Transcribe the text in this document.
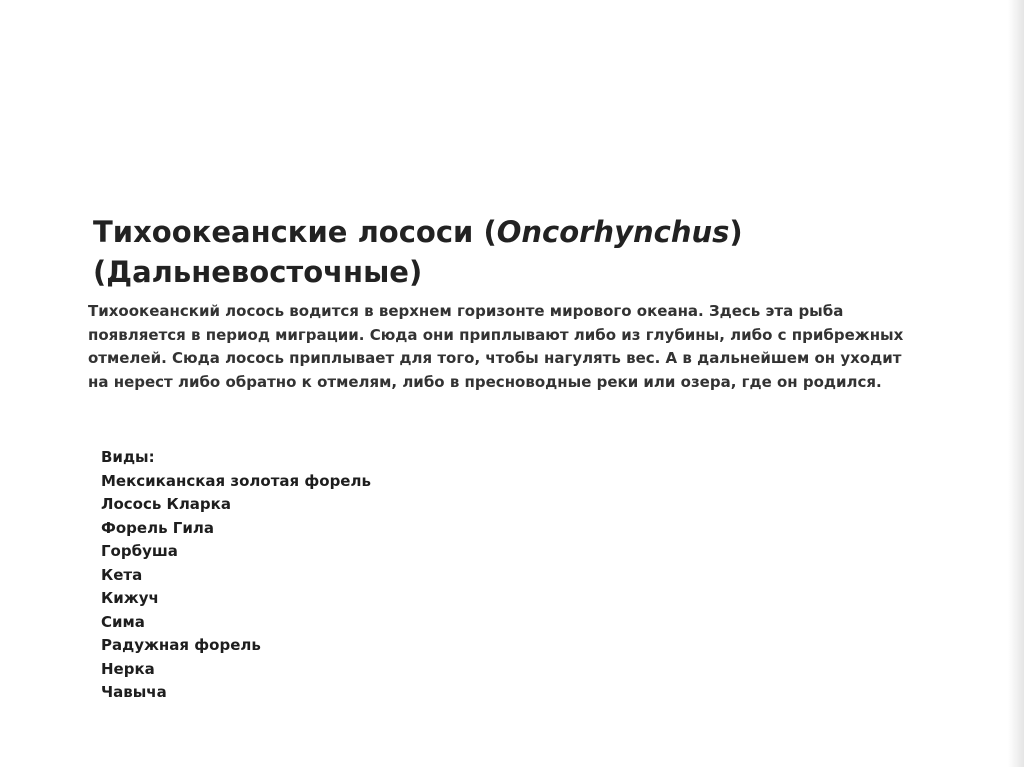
Тихоокеанские лососи (Oncorhynchus)
(Дальневосточные)

Тихоокеанский лосось водится в верхнем горизонте мирового океана. Здесь эта рыба появляется в период миграции. Сюда они приплывают либо из глубины, либо с прибрежных отмелей. Сюда лосось приплывает для того, чтобы нагулять вес. А в дальнейшем он уходит на нерест либо обратно к отмелям, либо в пресноводные реки или озера, где он родился.

Виды:
Мексиканская золотая форель
Лосось Кларка
Форель Гила
Горбуша
Кета
Кижуч
Сима
Радужная форель
Нерка
Чавыча
